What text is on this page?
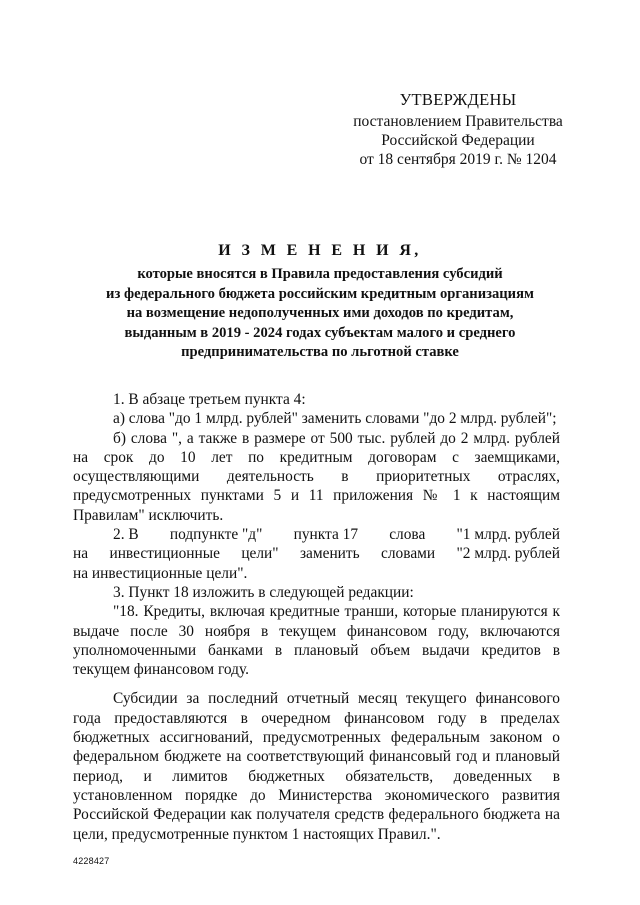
УТВЕРЖДЕНЫ
постановлением Правительства
Российской Федерации
от 18 сентября 2019 г. № 1204
И З М Е Н Е Н И Я,
которые вносятся в Правила предоставления субсидий
из федерального бюджета российским кредитным организациям
на возмещение недополученных ими доходов по кредитам,
выданным в 2019 - 2024 годах субъектам малого и среднего
предпринимательства по льготной ставке

1. В абзаце третьем пункта 4:

а) слова "до 1 млрд. рублей" заменить словами "до 2 млрд. рублей";

б) слова ", а также в размере от 500 тыс. рублей до 2 млрд. рублей на срок до 10 лет по кредитным договорам с заемщиками, осуществляющими деятельность в приоритетных отраслях, предусмотренных пунктами 5 и 11 приложения № 1 к настоящим Правилам" исключить.

2. В подпункте "д" пункта 17 слова "1 млрд. рублей
на инвестиционные цели" заменить словами "2 млрд. рублей
на инвестиционные цели".

3. Пункт 18 изложить в следующей редакции:

"18. Кредиты, включая кредитные транши, которые планируются к выдаче после 30 ноября в текущем финансовом году, включаются уполномоченными банками в плановый объем выдачи кредитов в текущем финансовом году.

Субсидии за последний отчетный месяц текущего финансового года предоставляются в очередном финансовом году в пределах бюджетных ассигнований, предусмотренных федеральным законом о федеральном бюджете на соответствующий финансовый год и плановый период, и лимитов бюджетных обязательств, доведенных в установленном порядке до Министерства экономического развития Российской Федерации как получателя средств федерального бюджета на цели, предусмотренные пунктом 1 настоящих Правил.".

4228427
